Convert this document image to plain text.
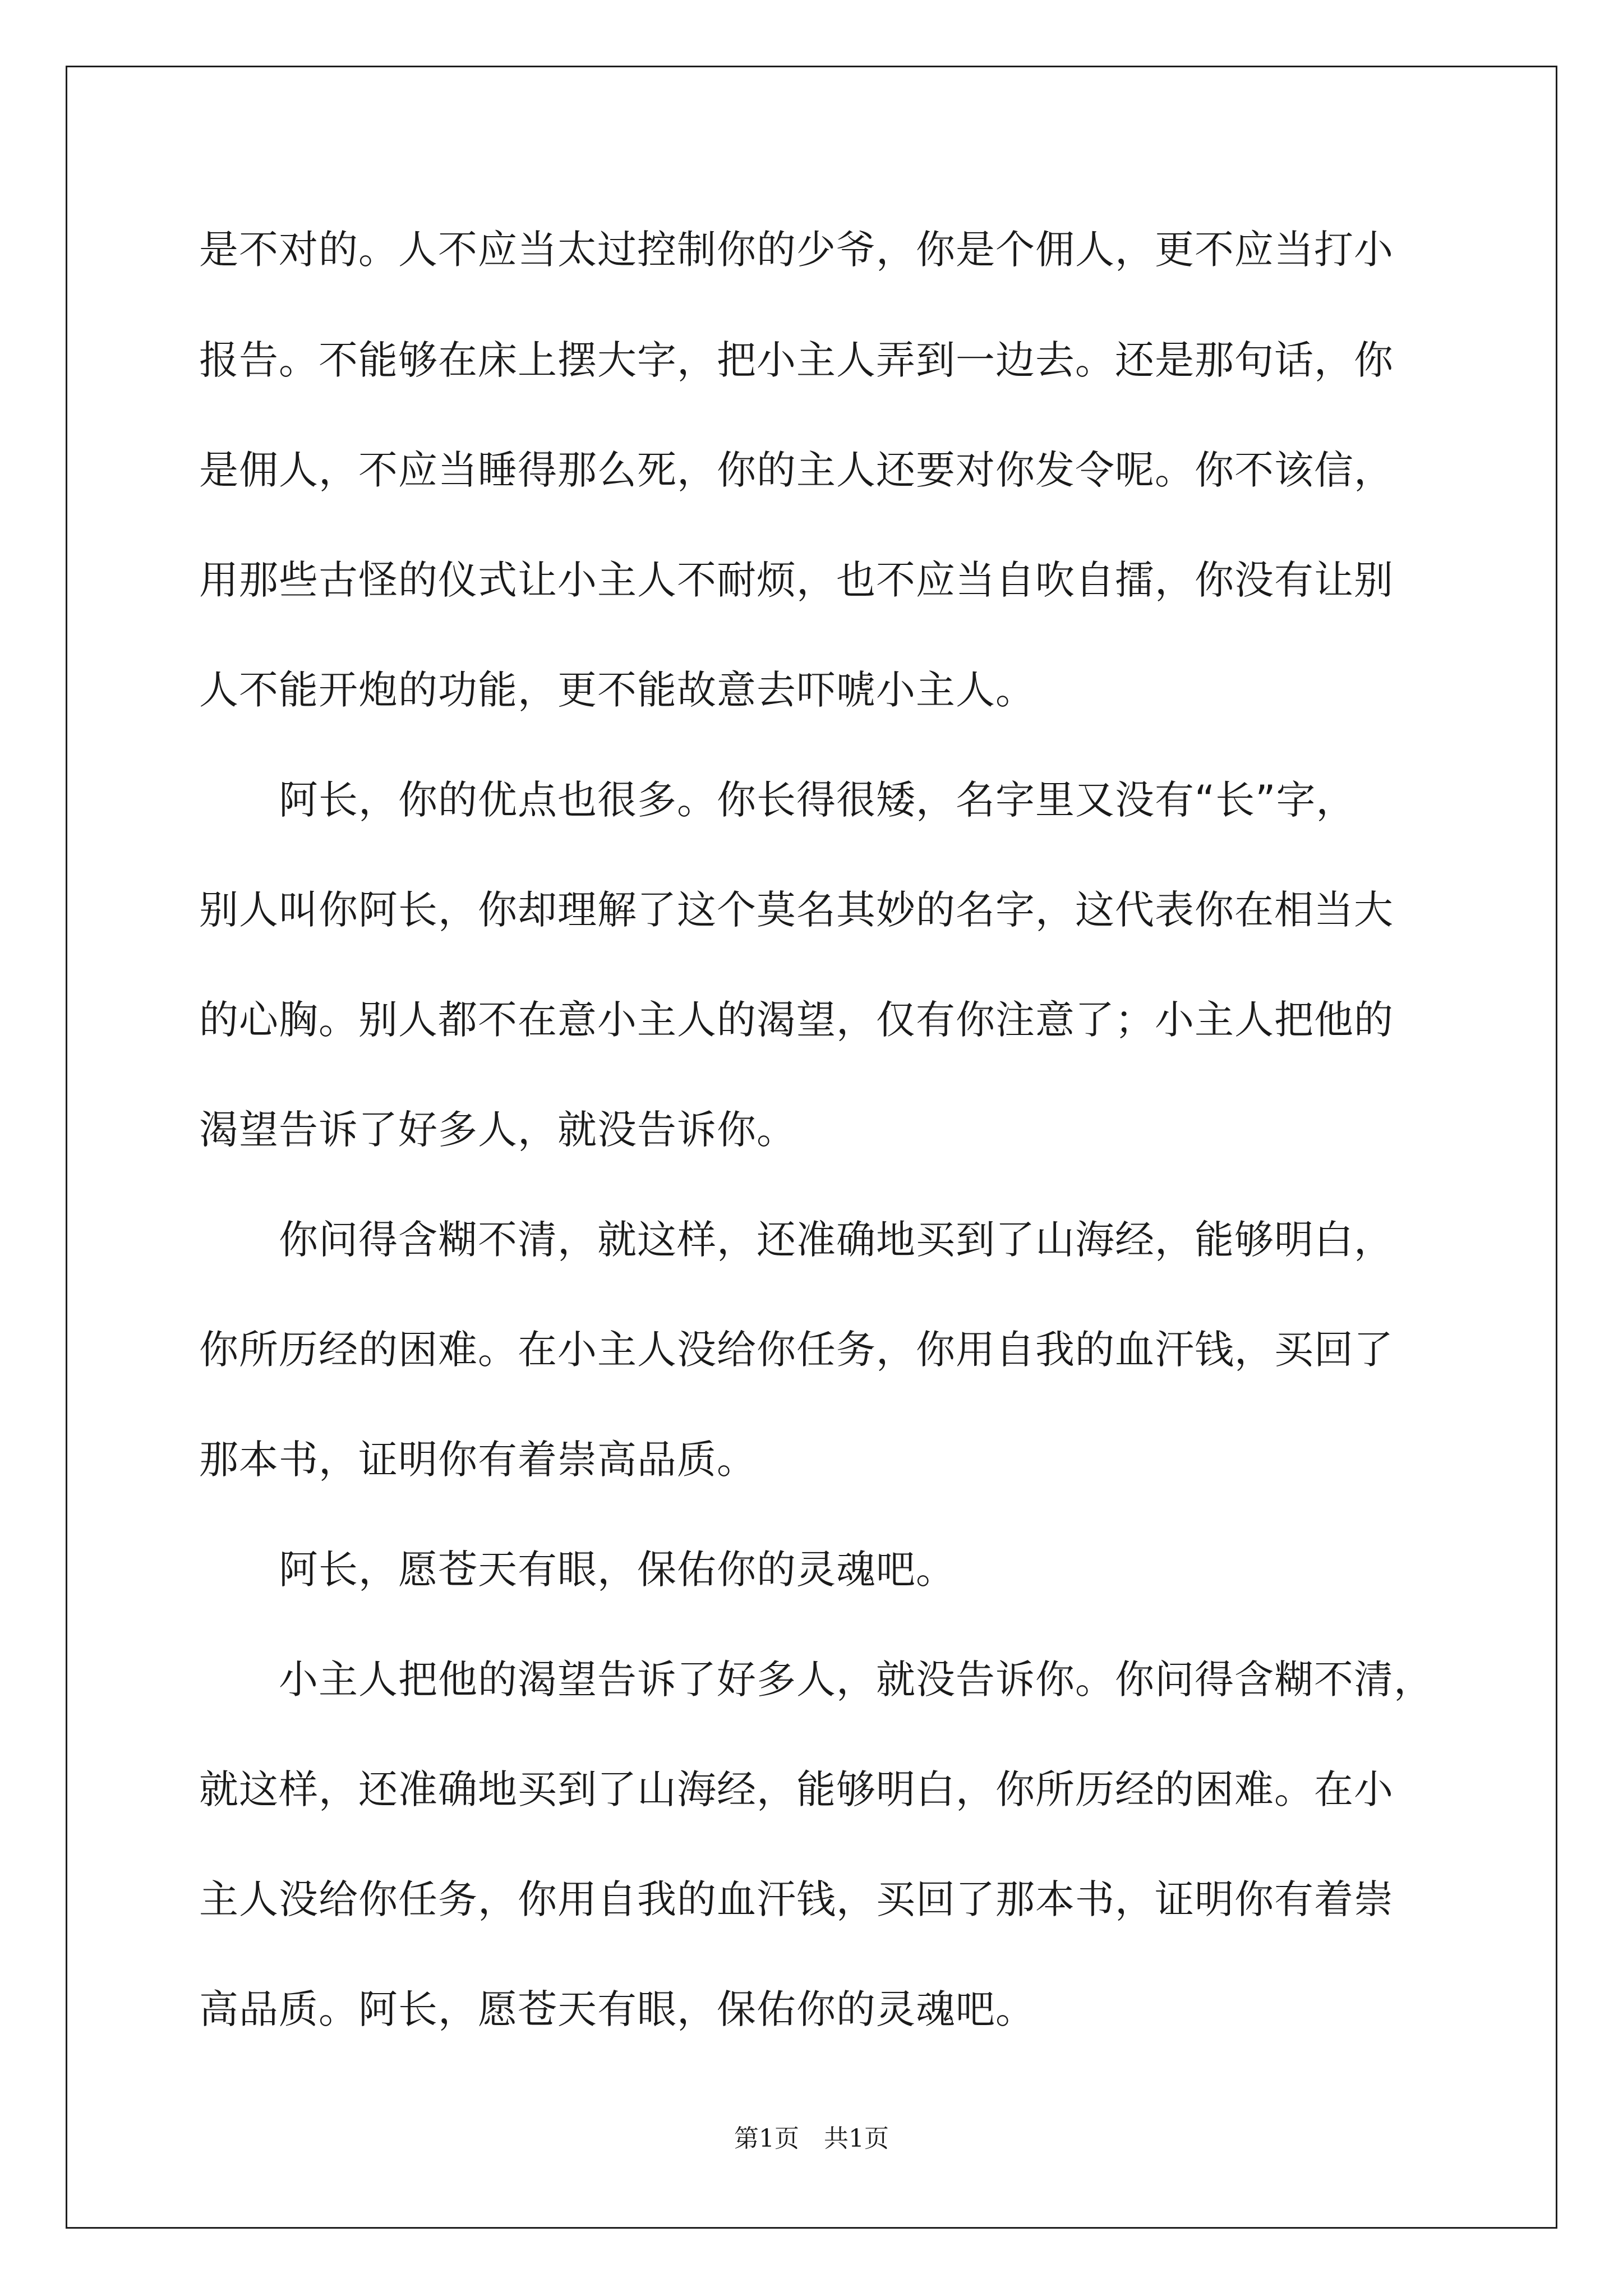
是不对的。人不应当太过控制你的少爷，你是个佣人，更不应当打小
报告。不能够在床上摆大字，把小主人弄到一边去。还是那句话，你
是佣人，不应当睡得那么死，你的主人还要对你发令呢。你不该信，
用那些古怪的仪式让小主人不耐烦，也不应当自吹自擂，你没有让别
人不能开炮的功能，更不能故意去吓唬小主人。
　　阿长，你的优点也很多。你长得很矮，名字里又没有“长”字，
别人叫你阿长，你却理解了这个莫名其妙的名字，这代表你在相当大
的心胸。别人都不在意小主人的渴望，仅有你注意了；小主人把他的
渴望告诉了好多人，就没告诉你。
　　你问得含糊不清，就这样，还准确地买到了山海经，能够明白，
你所历经的困难。在小主人没给你任务，你用自我的血汗钱，买回了
那本书，证明你有着崇高品质。
　　阿长，愿苍天有眼，保佑你的灵魂吧。
　　小主人把他的渴望告诉了好多人，就没告诉你。你问得含糊不清，
就这样，还准确地买到了山海经，能够明白，你所历经的困难。在小
主人没给你任务，你用自我的血汗钱，买回了那本书，证明你有着崇
高品质。阿长，愿苍天有眼，保佑你的灵魂吧。
第1页　共1页
